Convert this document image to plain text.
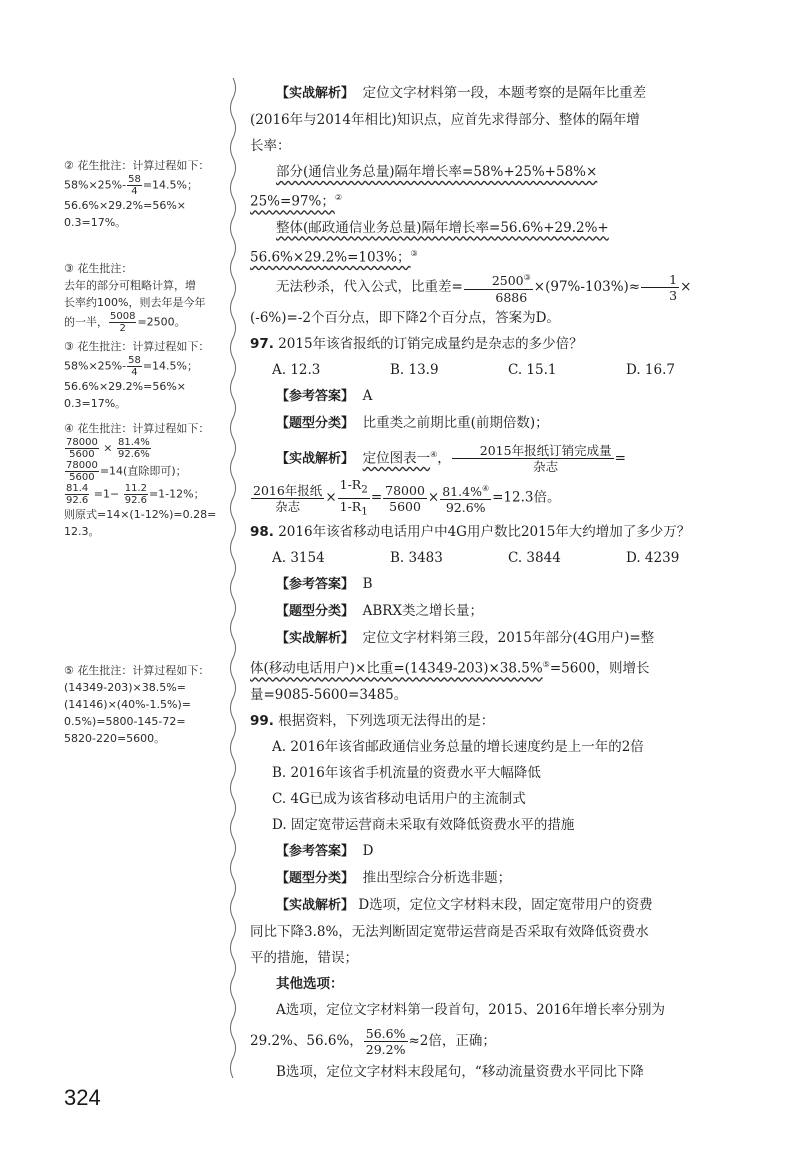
② 花生批注：计算过程如下：
$58\%\times 25\%- \frac{58}{4} =14.5\%$；
56.6%×29.2%=56%×
0.3=17%。
③ 花生批注：
去年的部分可粗略计算，增
长率约100%，则去年是今年
的一半， $\frac{5008}{2} =2500$。
③ 花生批注：计算过程如下：
$58\%\times 25\%- \frac{58}{4} =14.5\%$；
56.6%×29.2%=56%×
0.3=17%。
④ 花生批注：计算过程如下：
$\frac{78000}{5600} \times \frac{81.4\%}{92.6\%}$
$\frac{78000}{5600} =14$(直除即可)；
$\frac{81.4}{92.6} =1- \frac{11.2}{92.6} =1-12\%$；
则原式=14×(1-12%)=0.28=
12.3。
⑤ 花生批注：计算过程如下：
(14349-203)×38.5%=
(14146)×(40%-1.5%)=
0.5%)=5800-145-72=
5820-220=5600。

【实战解析】 定位文字材料第一段，本题考察的是隔年比重差

(2016年与2014年相比)知识点，应首先求得部分、整体的隔年增

长率：

部分(通信业务总量)隔年增长率=58%+25%+58%×

25%=97%；②

整体(邮政通信业务总量)隔年增长率=56.6%+29.2%+

56.6%×29.2%=103%；③

无法秒杀，代入公式，比重差= $\frac{2500^③}{6886} \times(97\%-103\%)\approx \frac{1}{3}$ ×

(-6%)=-2个百分点，即下降2个百分点，答案为D。

97. 2015年该省报纸的订销完成量约是杂志的多少倍？

A. 12.3	B. 13.9	C. 15.1	D. 16.7

【参考答案】 A

【题型分类】 比重类之前期比重(前期倍数)；

【实战解析】 定位图表一④， $\frac{\text{2015年报纸订销完成量}}{\text{杂志}}$ =

$\frac{\text{2016年报纸}}{\text{杂志}} \times \frac{1-R_2}{1-R_1} = \frac{78000}{5600} \times \frac{81.4\%^④}{92.6\%} =12.3$倍。

98. 2016年该省移动电话用户中4G用户数比2015年大约增加了多少万？

A. 3154	B. 3483	C. 3844	D. 4239

【参考答案】 B

【题型分类】 ABRX类之增长量；

【实战解析】 定位文字材料第三段，2015年部分(4G用户)=整

体(移动电话用户)×比重=(14349-203)×38.5%⑤=5600，则增长

量=9085-5600=3485。

99. 根据资料，下列选项无法得出的是：

A. 2016年该省邮政通信业务总量的增长速度约是上一年的2倍

B. 2016年该省手机流量的资费水平大幅降低

C. 4G已成为该省移动电话用户的主流制式

D. 固定宽带运营商未采取有效降低资费水平的措施

【参考答案】 D

【题型分类】 推出型综合分析选非题；

【实战解析】 D选项，定位文字材料末段，固定宽带用户的资费

同比下降3.8%，无法判断固定宽带运营商是否采取有效降低资费水

平的措施，错误；

其他选项：

A选项，定位文字材料第一段首句，2015、2016年增长率分别为

29.2%、56.6%， $\frac{56.6\%}{29.2\%} \approx 2$倍，正确；

B选项，定位文字材料末段尾句，“移动流量资费水平同比下降

324
